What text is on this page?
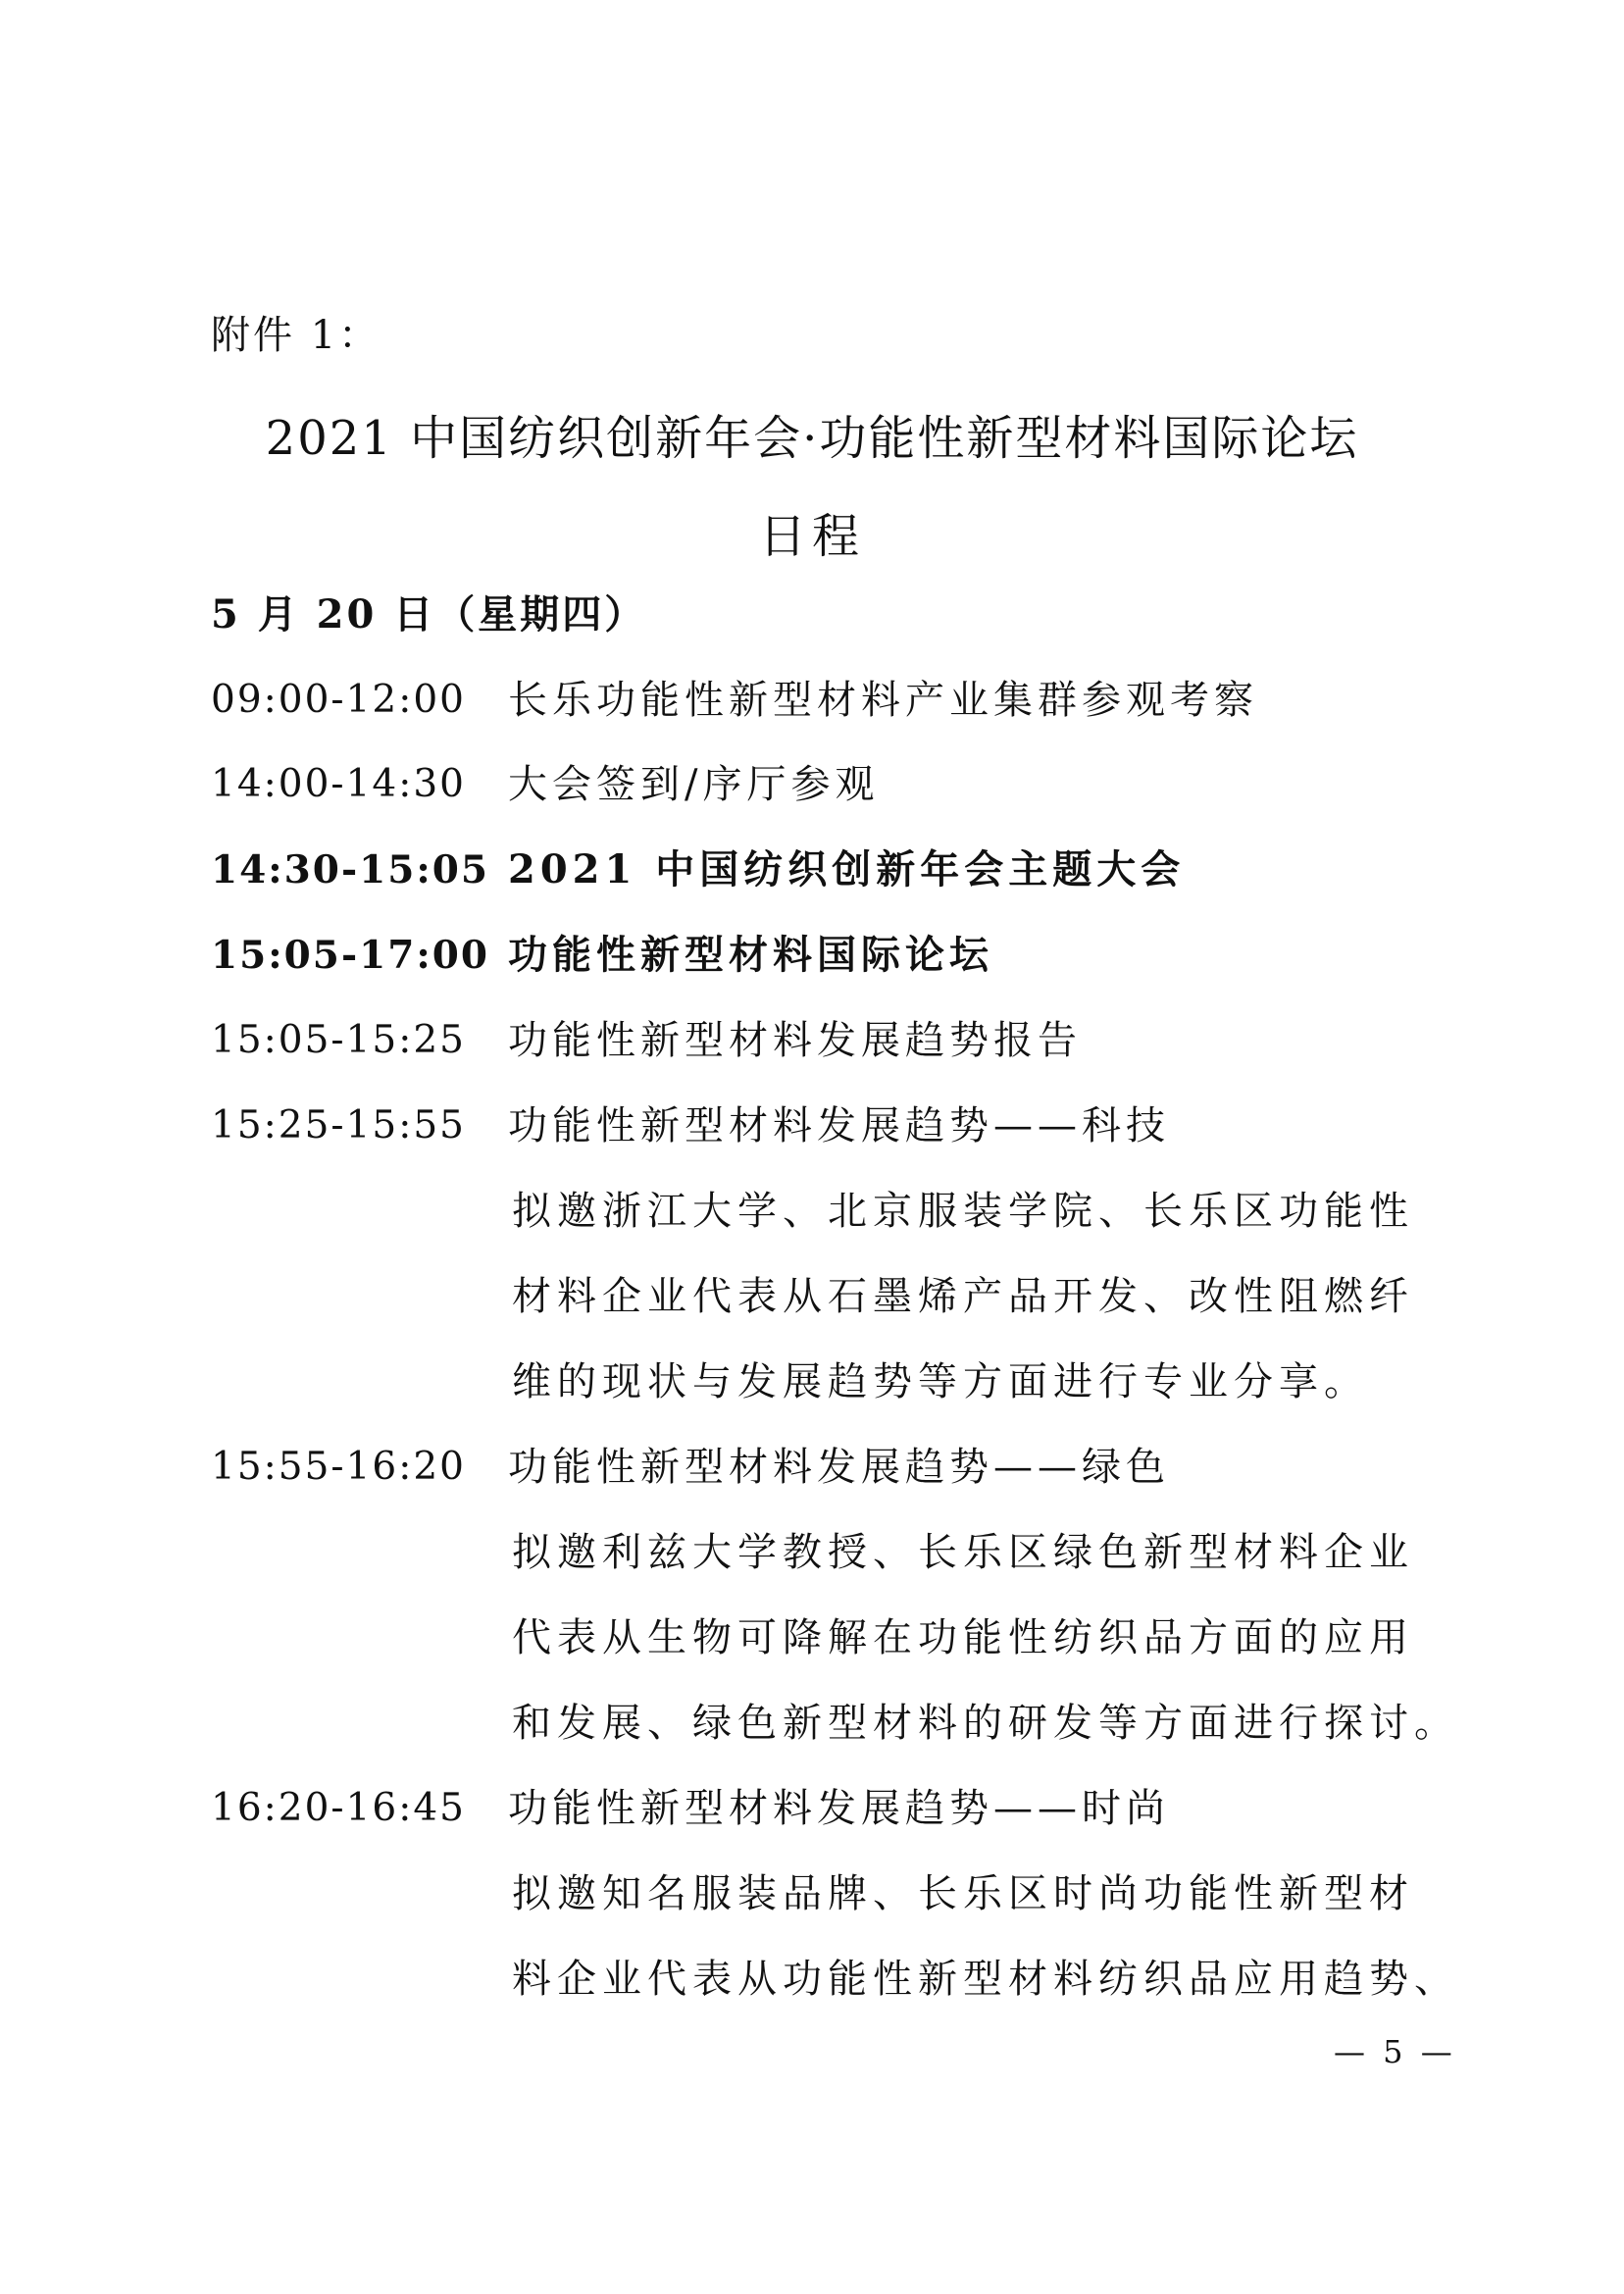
附件 1：
2021 中国纺织创新年会·功能性新型材料国际论坛
日程
5 月 20 日（星期四）
09:00-12:00 长乐功能性新型材料产业集群参观考察
14:00-14:30 大会签到/序厅参观
14:30-15:05 2021 中国纺织创新年会主题大会
15:05-17:00 功能性新型材料国际论坛
15:05-15:25 功能性新型材料发展趋势报告
15:25-15:55 功能性新型材料发展趋势——科技
拟邀浙江大学、北京服装学院、长乐区功能性
材料企业代表从石墨烯产品开发、改性阻燃纤
维的现状与发展趋势等方面进行专业分享。
15:55-16:20 功能性新型材料发展趋势——绿色
拟邀利兹大学教授、长乐区绿色新型材料企业
代表从生物可降解在功能性纺织品方面的应用
和发展、绿色新型材料的研发等方面进行探讨。
16:20-16:45 功能性新型材料发展趋势——时尚
拟邀知名服装品牌、长乐区时尚功能性新型材
料企业代表从功能性新型材料纺织品应用趋势、
— 5 —
